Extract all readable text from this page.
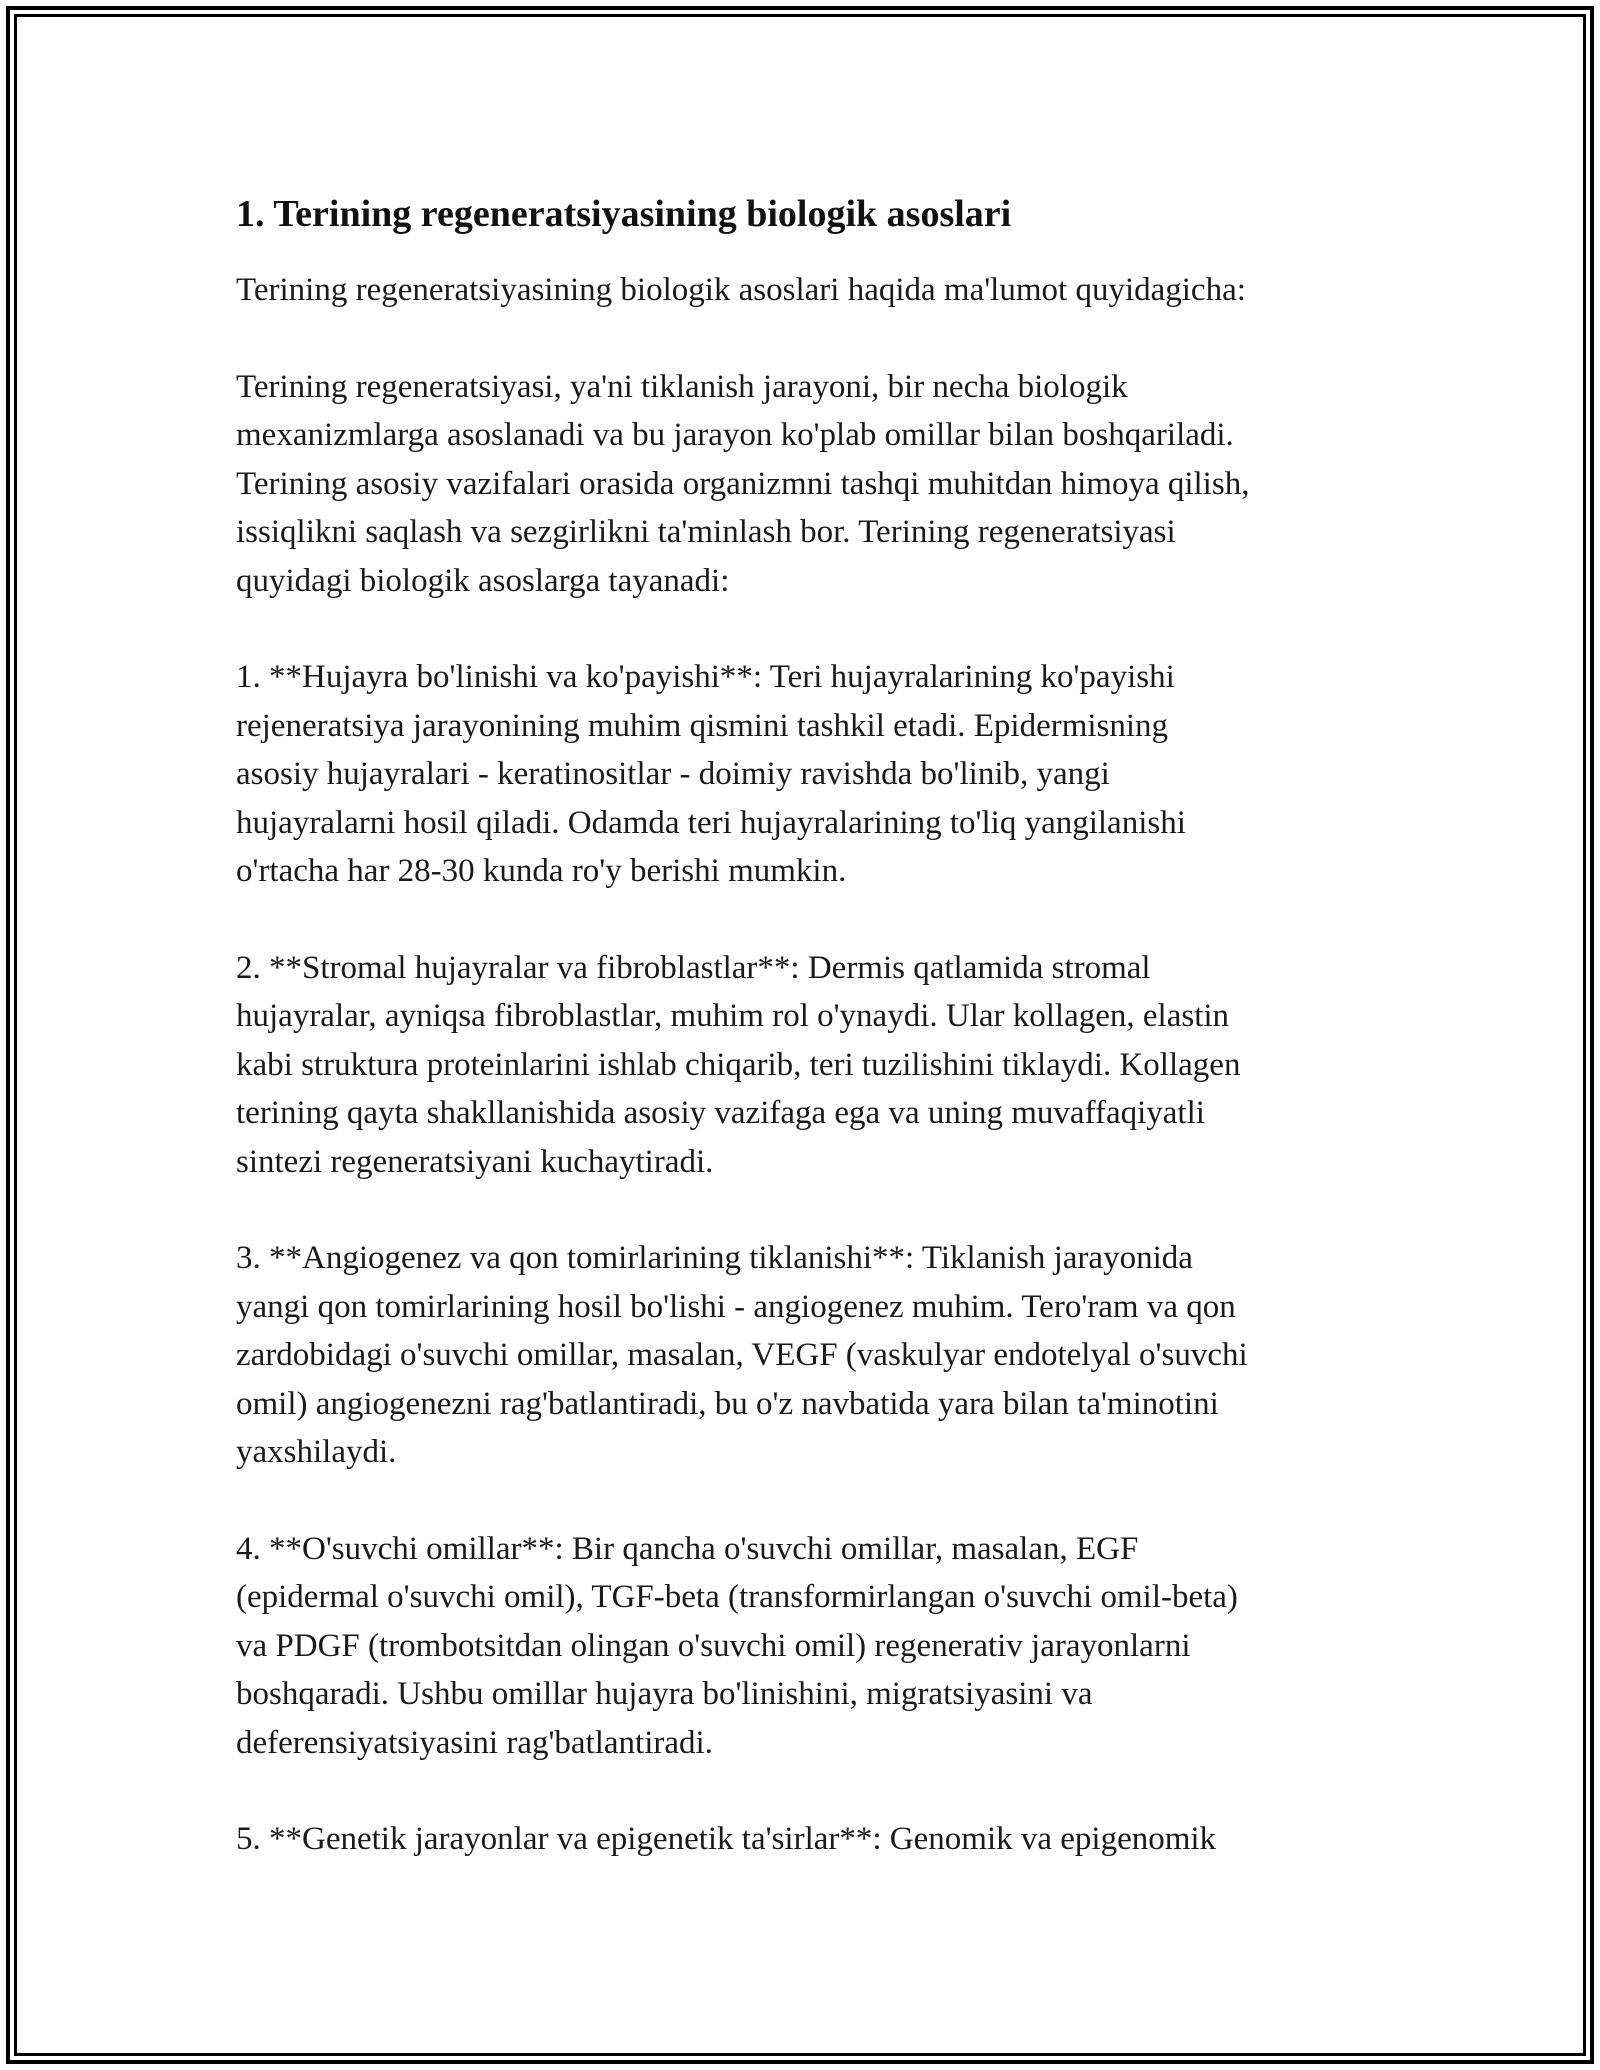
1. Terining regeneratsiyasining biologik asoslari

Terining regeneratsiyasining biologik asoslari haqida ma'lumot quyidagicha:

Terining regeneratsiyasi, ya'ni tiklanish jarayoni, bir necha biologik
mexanizmlarga asoslanadi va bu jarayon ko'plab omillar bilan boshqariladi.
Terining asosiy vazifalari orasida organizmni tashqi muhitdan himoya qilish,
issiqlikni saqlash va sezgirlikni ta'minlash bor. Terining regeneratsiyasi
quyidagi biologik asoslarga tayanadi:

1. **Hujayra bo'linishi va ko'payishi**: Teri hujayralarining ko'payishi
rejeneratsiya jarayonining muhim qismini tashkil etadi. Epidermisning
asosiy hujayralari - keratinositlar - doimiy ravishda bo'linib, yangi
hujayralarni hosil qiladi. Odamda teri hujayralarining to'liq yangilanishi
o'rtacha har 28-30 kunda ro'y berishi mumkin.

2. **Stromal hujayralar va fibroblastlar**: Dermis qatlamida stromal
hujayralar, ayniqsa fibroblastlar, muhim rol o'ynaydi. Ular kollagen, elastin
kabi struktura proteinlarini ishlab chiqarib, teri tuzilishini tiklaydi. Kollagen
terining qayta shakllanishida asosiy vazifaga ega va uning muvaffaqiyatli
sintezi regeneratsiyani kuchaytiradi.

3. **Angiogenez va qon tomirlarining tiklanishi**: Tiklanish jarayonida
yangi qon tomirlarining hosil bo'lishi - angiogenez muhim. Tero'ram va qon
zardobidagi o'suvchi omillar, masalan, VEGF (vaskulyar endotelyal o'suvchi
omil) angiogenezni rag'batlantiradi, bu o'z navbatida yara bilan ta'minotini
yaxshilaydi.

4. **O'suvchi omillar**: Bir qancha o'suvchi omillar, masalan, EGF
(epidermal o'suvchi omil), TGF-beta (transformirlangan o'suvchi omil-beta)
va PDGF (trombotsitdan olingan o'suvchi omil) regenerativ jarayonlarni
boshqaradi. Ushbu omillar hujayra bo'linishini, migratsiyasini va
deferensiyatsiyasini rag'batlantiradi.

5. **Genetik jarayonlar va epigenetik ta'sirlar**: Genomik va epigenomik
